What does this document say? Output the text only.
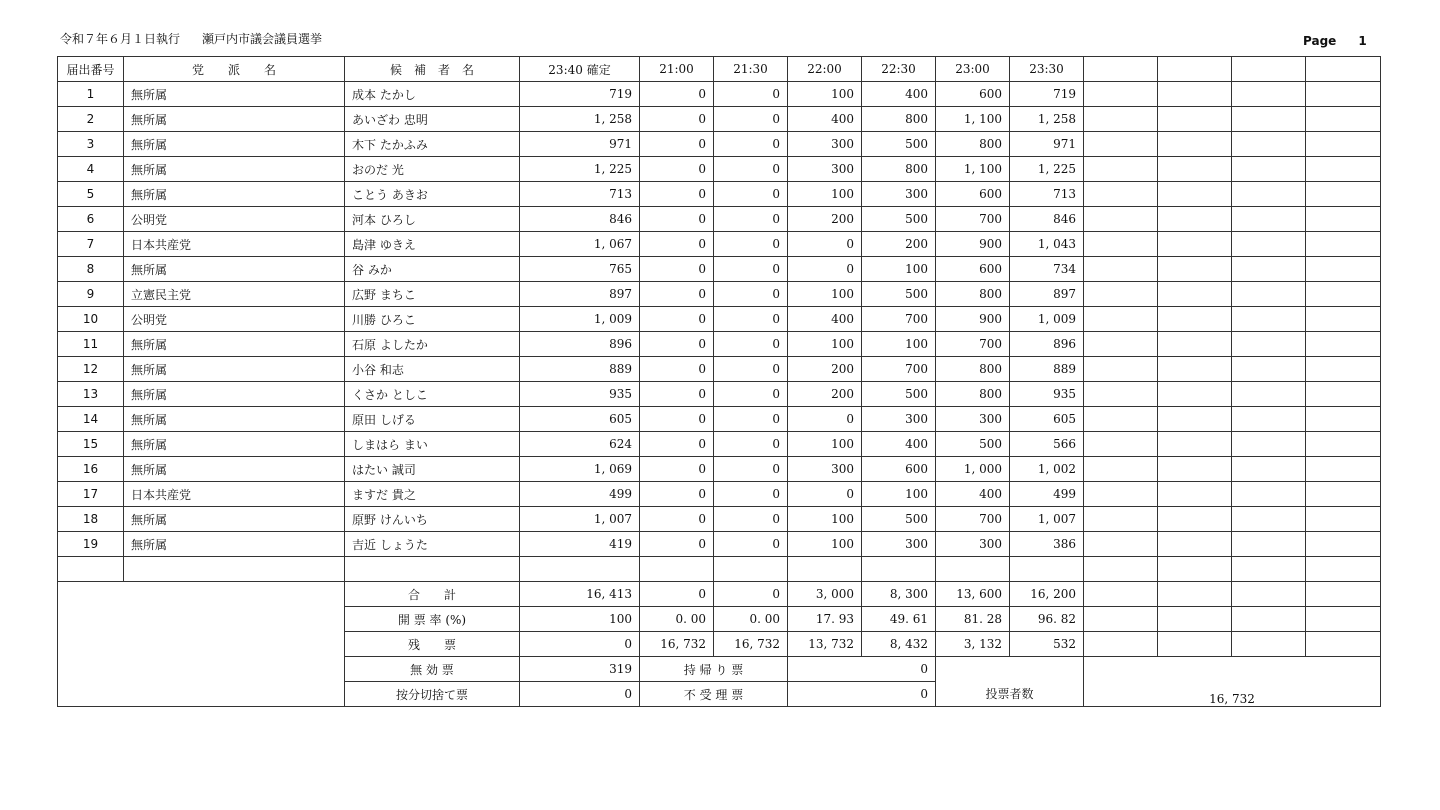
令和７年６月１日執行 瀬戸内市議会議員選挙	Page 1
届出番号	党　　派　　名	候　補　者　名	23:40 確定	21:00	21:30	22:00	22:30	23:00	23:30				
1	無所属	成本 たかし	719	0	0	100	400	600	719				
2	無所属	あいざわ 忠明	1, 258	0	0	400	800	1, 100	1, 258				
3	無所属	木下 たかふみ	971	0	0	300	500	800	971				
4	無所属	おのだ 光	1, 225	0	0	300	800	1, 100	1, 225				
5	無所属	ことう あきお	713	0	0	100	300	600	713				
6	公明党	河本 ひろし	846	0	0	200	500	700	846				
7	日本共産党	島津 ゆきえ	1, 067	0	0	0	200	900	1, 043				
8	無所属	谷 みか	765	0	0	0	100	600	734				
9	立憲民主党	広野 まちこ	897	0	0	100	500	800	897				
10	公明党	川勝 ひろこ	1, 009	0	0	400	700	900	1, 009				
11	無所属	石原 よしたか	896	0	0	100	100	700	896				
12	無所属	小谷 和志	889	0	0	200	700	800	889				
13	無所属	くさか としこ	935	0	0	200	500	800	935				
14	無所属	原田 しげる	605	0	0	0	300	300	605				
15	無所属	しまはら まい	624	0	0	100	400	500	566				
16	無所属	はたい 誠司	1, 069	0	0	300	600	1, 000	1, 002				
17	日本共産党	ますだ 貴之	499	0	0	0	100	400	499				
18	無所属	原野 けんいち	1, 007	0	0	100	500	700	1, 007				
19	無所属	吉近 しょうた	419	0	0	100	300	300	386				

		合　　計	16, 413	0	0	3, 000	8, 300	13, 600	16, 200				
		開 票 率 (%)	100	0. 00	0. 00	17. 93	49. 61	81. 28	96. 82				
		残　　票	0	16, 732	16, 732	13, 732	8, 432	3, 132	532				
		無 効 票	319	持 帰 り 票		0		投票者数		16, 732			
		按分切捨て票	0	不 受 理 票		0							
